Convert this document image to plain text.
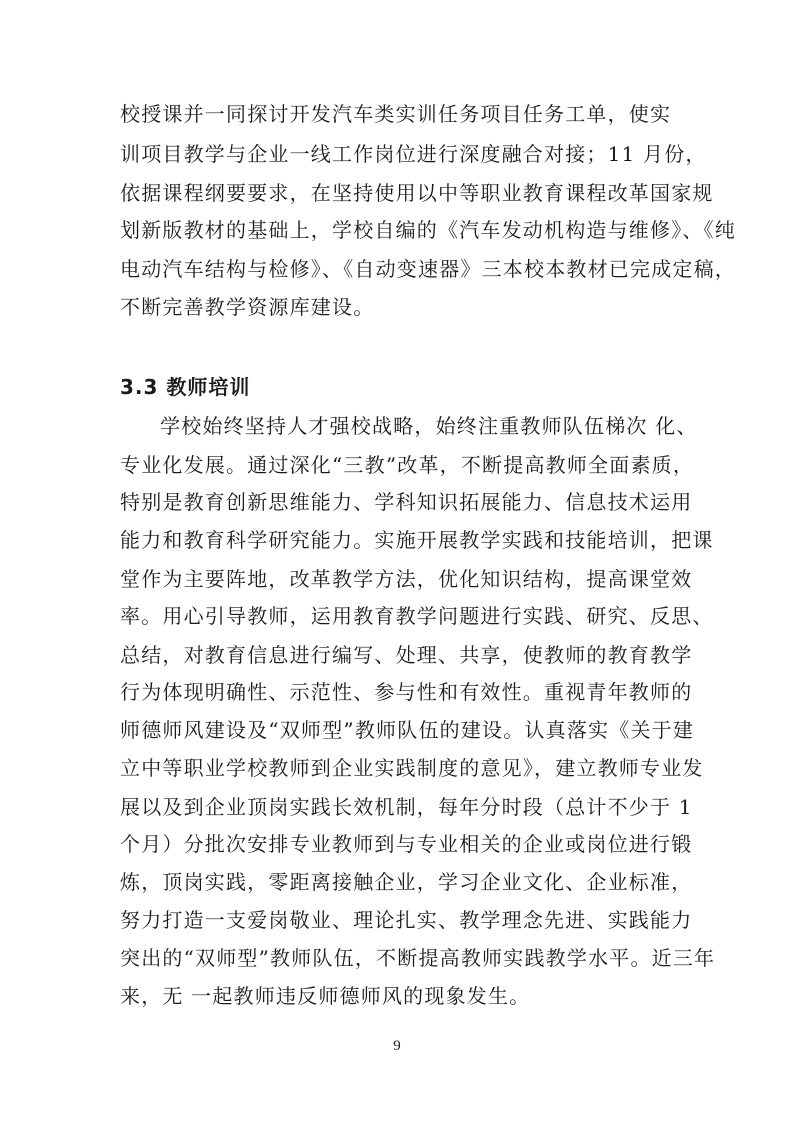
校授课并一同探讨开发汽车类实训任务项目任务工单，使实
训项目教学与企业一线工作岗位进行深度融合对接；11 月份，
依据课程纲要要求，在坚持使用以中等职业教育课程改革国家规
划新版教材的基础上，学校自编的《汽车发动机构造与维修》、《纯
电动汽车结构与检修》、《自动变速器》三本校本教材已完成定稿，
不断完善教学资源库建设。
3.3 教师培训
学校始终坚持人才强校战略，始终注重教师队伍梯次 化、
专业化发展。通过深化“三教”改革，不断提高教师全面素质，
特别是教育创新思维能力、学科知识拓展能力、信息技术运用
能力和教育科学研究能力。实施开展教学实践和技能培训，把课
堂作为主要阵地，改革教学方法，优化知识结构，提高课堂效
率。用心引导教师，运用教育教学问题进行实践、研究、反思、
总结，对教育信息进行编写、处理、共享，使教师的教育教学
行为体现明确性、示范性、参与性和有效性。重视青年教师的
师德师风建设及“双师型”教师队伍的建设。认真落实《关于建
立中等职业学校教师到企业实践制度的意见》，建立教师专业发
展以及到企业顶岗实践长效机制，每年分时段（总计不少于 1
个月）分批次安排专业教师到与专业相关的企业或岗位进行锻
炼，顶岗实践，零距离接触企业，学习企业文化、企业标准，
努力打造一支爱岗敬业、理论扎实、教学理念先进、实践能力
突出的“双师型”教师队伍，不断提高教师实践教学水平。近三年
来，无 一起教师违反师德师风的现象发生。
9
